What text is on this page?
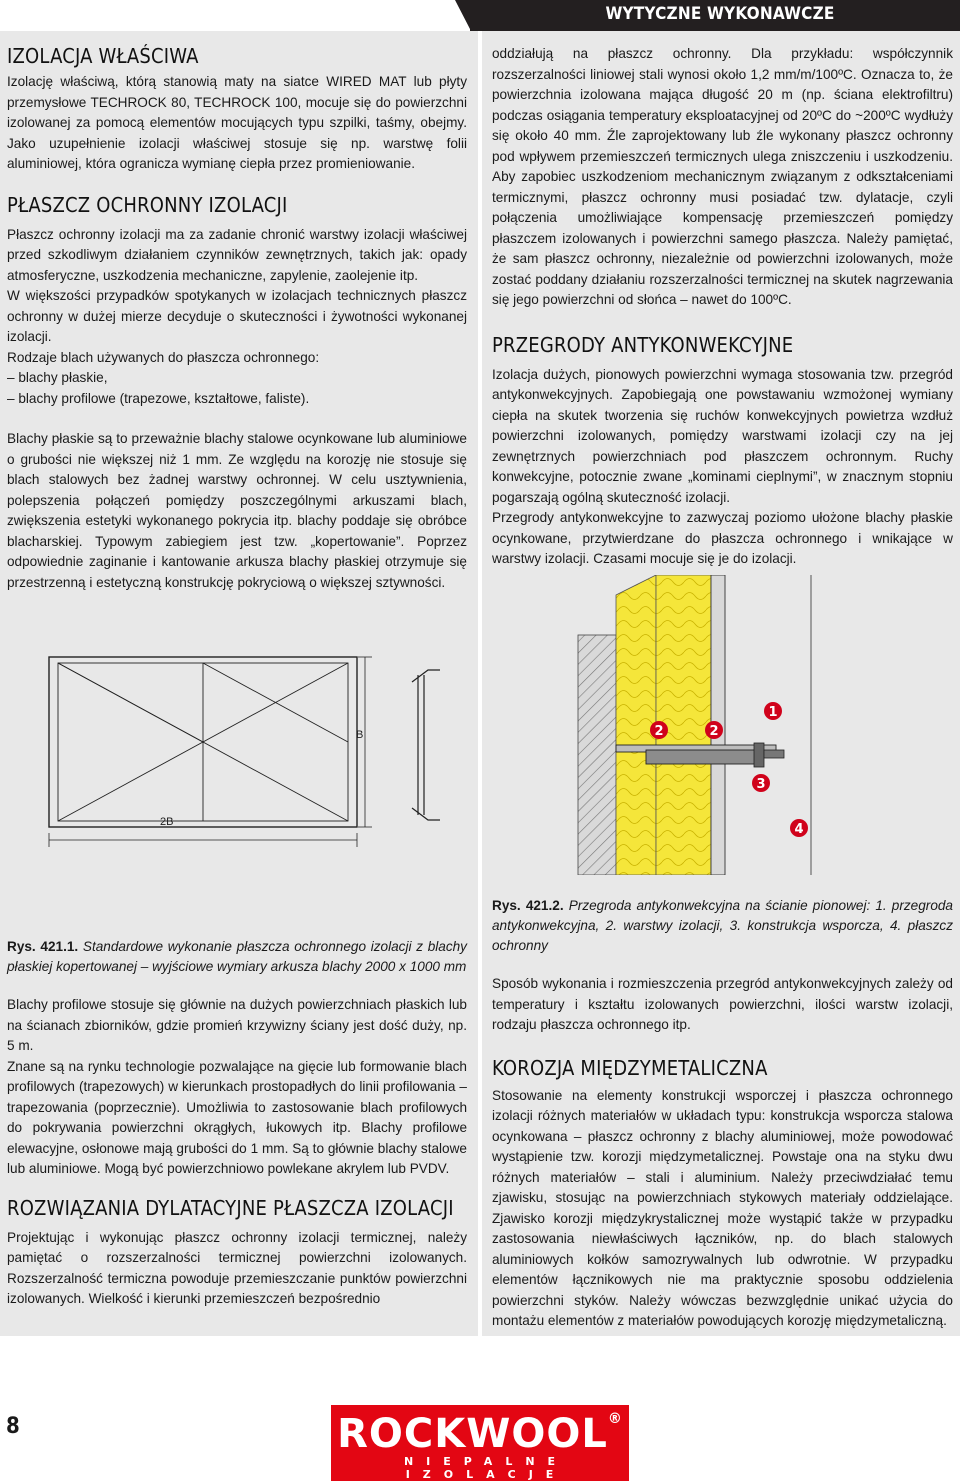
WYTYCZNE WYKONAWCZE
IZOLACJA WŁAŚCIWA

Izolację właściwą, którą stanowią maty na siatce WIRED MAT lub płyty przemysłowe TECHROCK 80, TECHROCK 100, mocuje się do powierzchni izolowanej za pomocą elementów mocujących typu szpilki, taśmy, obejmy. Jako uzupełnienie izolacji właściwej stosuje się np. warstwę folii aluminiowej, która ogranicza wymianę ciepła przez promieniowanie.

PŁASZCZ OCHRONNY IZOLACJI

Płaszcz ochronny izolacji ma za zadanie chronić warstwy izolacji właściwej przed szkodliwym działaniem czynników zewnętrznych, takich jak: opady atmosferyczne, uszkodzenia mechaniczne, zapylenie, zaolejenie itp.

W większości przypadków spotykanych w izolacjach technicznych płaszcz ochronny w dużej mierze decyduje o skuteczności i żywotności wykonanej izolacji.

Rodzaje blach używanych do płaszcza ochronnego:

– blachy płaskie,

– blachy profilowe (trapezowe, kształtowe, faliste).

Blachy płaskie są to przeważnie blachy stalowe ocynkowane lub aluminiowe o grubości nie większej niż 1 mm. Ze względu na korozję nie stosuje się blach stalowych bez żadnej warstwy ochronnej. W celu usztywnienia, polepszenia połączeń pomiędzy poszczególnymi arkuszami blach, zwiększenia estetyki wykonanego pokrycia itp. blachy poddaje się obróbce blacharskiej. Typowym zabiegiem jest tzw. „kopertowanie”. Poprzez odpowiednie zaginanie i kantowanie arkusza blachy płaskiej otrzymuje się przestrzenną i estetyczną konstrukcję pokryciową o większej sztywności.

B
2B

Rys. 421.1. Standardowe wykonanie płaszcza ochronnego izolacji z blachy płaskiej kopertowanej – wyjściowe wymiary arkusza blachy 2000 x 1000 mm

Blachy profilowe stosuje się głównie na dużych powierzchniach płaskich lub na ścianach zbiorników, gdzie promień krzywizny ściany jest dość duży, np. 5 m.

Znane są na rynku technologie pozwalające na gięcie lub formowanie blach profilowych (trapezowych) w kierunkach prostopadłych do linii profilowania – trapezowania (poprzecznie). Umożliwia to zastosowanie blach profilowych do pokrywania powierzchni okrągłych, łukowych itp. Blachy profilowe elewacyjne, osłonowe mają grubości do 1 mm. Są to głównie blachy stalowe lub aluminiowe. Mogą być powierzchniowo powlekane akrylem lub PVDV.

ROZWIĄZANIA DYLATACYJNE PŁASZCZA IZOLACJI

Projektując i wykonując płaszcz ochronny izolacji termicznej, należy pamiętać o rozszerzalności termicznej powierzchni izolowanych. Rozszerzalność termiczna powoduje przemieszczanie punktów powierzchni izolowanych. Wielkość i kierunki przemieszczeń bezpośrednio

oddziałują na płaszcz ochronny. Dla przykładu: współczynnik rozszerzalności liniowej stali wynosi około 1,2 mm/m/100ºC. Oznacza to, że powierzchnia izolowana mająca długość 20 m (np. ściana elektrofiltru) podczas osiągania temperatury eksploatacyjnej od 20ºC do ~200ºC wydłuży się około 40 mm. Źle zaprojektowany lub źle wykonany płaszcz ochronny pod wpływem przemieszczeń termicznych ulega zniszczeniu i uszkodzeniu. Aby zapobiec uszkodzeniom mechanicznym związanym z odkształceniami termicznymi, płaszcz ochronny musi posiadać tzw. dylatacje, czyli połączenia umożliwiające kompensację przemieszczeń pomiędzy płaszczem izolowanych i powierzchni samego płaszcza. Należy pamiętać, że sam płaszcz ochronny, niezależnie od powierzchni izolowanych, może zostać poddany działaniu rozszerzalności termicznej na skutek nagrzewania się jego powierzchni od słońca – nawet do 100ºC.

PRZEGRODY ANTYKONWEKCYJNE

Izolacja dużych, pionowych powierzchni wymaga stosowania tzw. przegród antykonwekcyjnych. Zapobiegają one powstawaniu wzmożonej wymiany ciepła na skutek tworzenia się ruchów konwekcyjnych powietrza wzdłuż powierzchni izolowanych, pomiędzy warstwami izolacji czy na jej zewnętrznych powierzchniach pod płaszczem ochronnym. Ruchy konwekcyjne, potocznie zwane „kominami cieplnymi”, w znacznym stopniu pogarszają ogólną skuteczność izolacji.

Przegrody antykonwekcyjne to zazwyczaj poziomo ułożone blachy płaskie ocynkowane, przytwierdzane do płaszcza ochronnego i wnikające w warstwy izolacji. Czasami mocuje się je do izolacji.

1
2	2
3
4

Rys. 421.2. Przegroda antykonwekcyjna na ścianie pionowej: 1. przegroda antykonwekcyjna, 2. warstwy izolacji, 3. konstrukcja wsporcza, 4. płaszcz ochronny

Sposób wykonania i rozmieszczenia przegród antykonwekcyjnych zależy od temperatury i kształtu izolowanych powierzchni, ilości warstw izolacji, rodzaju płaszcza ochronnego itp.

KOROZJA MIĘDZYMETALICZNA

Stosowanie na elementy konstrukcji wsporczej i płaszcza ochronnego izolacji różnych materiałów w układach typu: konstrukcja wsporcza stalowa ocynkowana – płaszcz ochronny z blachy aluminiowej, może powodować wystąpienie tzw. korozji międzymetalicznej. Powstaje ona na styku dwu różnych materiałów – stali i aluminium. Należy przeciwdziałać temu zjawisku, stosując na powierzchniach stykowych materiały oddzielające. Zjawisko korozji międzykrystalicznej może wystąpić także w przypadku zastosowania niewłaściwych łączników, np. do blach stalowych aluminiowych kołków samozrywalnych lub odwrotnie. W przypadku elementów łącznikowych nie ma praktycznie sposobu oddzielenia powierzchni styków. Należy wówczas bezwzględnie unikać użycia do montażu elementów z materiałów powodujących korozję międzymetaliczną.

8	ROCKWOOL®
NIEPALNE IZOLACJE
